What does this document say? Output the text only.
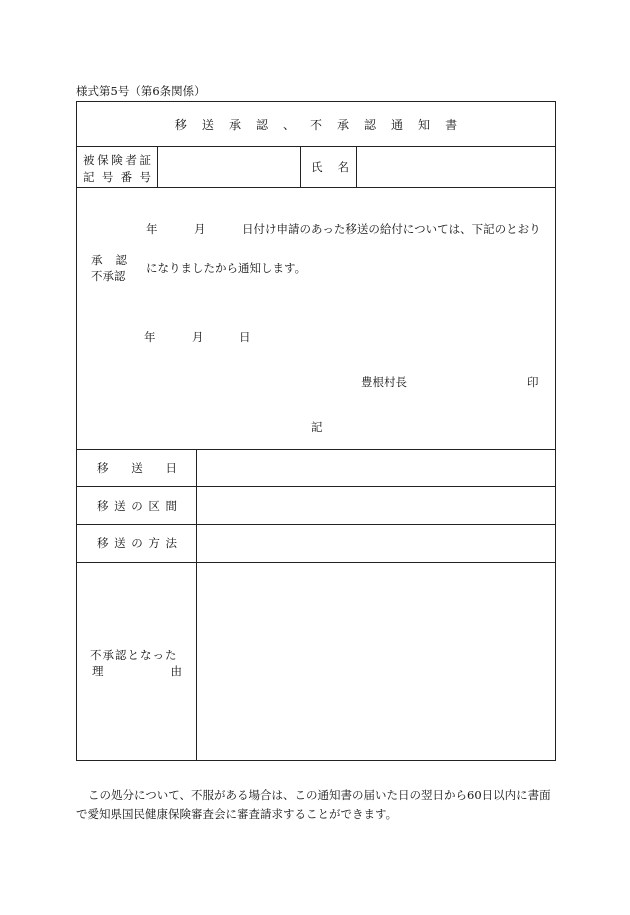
様式第5号（第6条関係）
移 送 承 認 、 不 承 認 通 知 書
被 保 険 者 証
記 号 番 号
氏 名
年	月	日付け申請のあった移送の給付については、下記のとおり
承 認
不承認
になりましたから通知します。
年	月	日
豊根村長	印
記
移 送 日
移 送 の 区 間
移 送 の 方 法
不承認となった
理	由
この処分について、不服がある場合は、この通知書の届いた日の翌日から60日以内に書面で愛知県国民健康保険審査会に審査請求することができます。
